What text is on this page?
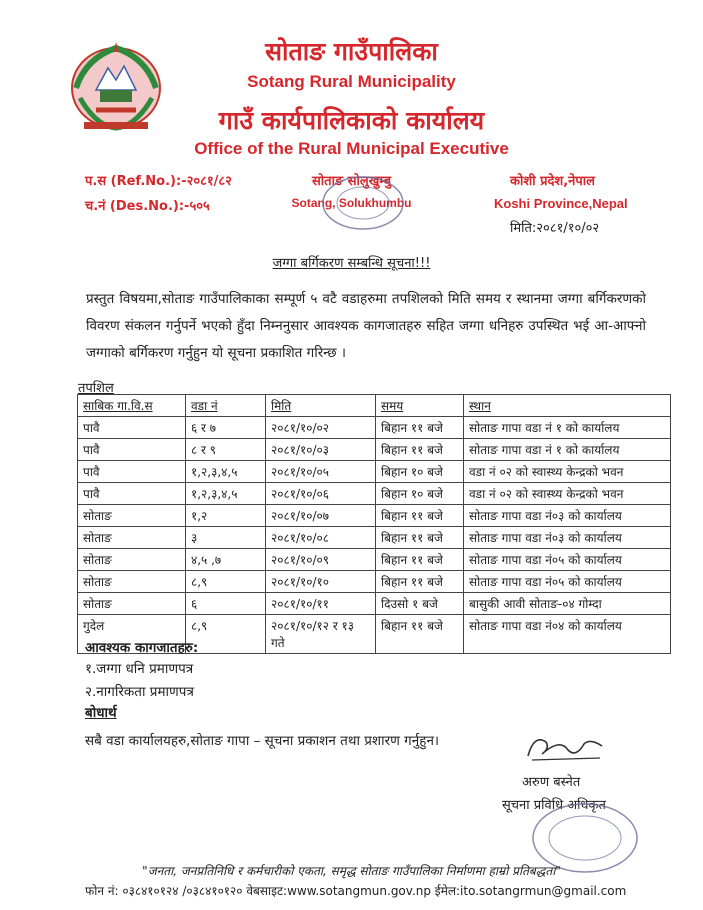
सोताङ गाउँपालिका
Sotang Rural Municipality
गाउँ कार्यपालिकाको कार्यालय
Office of the Rural Municipal Executive
प.स (Ref.No.):-२०८१/८२
च.नं (Des.No.):-५०५
सोताङ सोलुखुम्बु
Sotang, Solukhumbu
कोशी प्रदेश,नेपाल
Koshi Province,Nepal
मिति:२०८१/१०/०२
जग्गा बर्गिकरण सम्बन्धि सूचना!!!
प्रस्तुत विषयमा,सोताङ गाउँपालिकाका सम्पूर्ण ५ वटै वडाहरुमा तपशिलको मिति समय र स्थानमा जग्गा बर्गिकरणको विवरण संकलन गर्नुपर्ने भएको हुँदा निम्ननुसार आवश्यक कागजातहरु सहित जग्गा धनिहरु उपस्थित भई आ-आफ्नो जग्गाको बर्गिकरण गर्नुहुन यो सूचना प्रकाशित गरिन्छ ।
तपशिल
साबिक गा.वि.स	वडा नं	मिति	समय	स्थान
पावै	६ र ७	२०८१/१०/०२	बिहान ११ बजे	सोताङ गापा वडा नं १ को कार्यालय
पावै	८ र ९	२०८१/१०/०३	बिहान ११ बजे	सोताङ गापा वडा नं १ को कार्यालय
पावै	१,२,३,४,५	२०८१/१०/०५	बिहान १० बजे	वडा नं ०२ को स्वास्थ्य केन्द्रको भवन
पावै	१,२,३,४,५	२०८१/१०/०६	बिहान १० बजे	वडा नं ०२ को स्वास्थ्य केन्द्रको भवन
सोताङ	१,२	२०८१/१०/०७	बिहान ११ बजे	सोताङ गापा वडा नं०३ को कार्यालय
सोताङ	३	२०८१/१०/०८	बिहान ११ बजे	सोताङ गापा वडा नं०३ को कार्यालय
सोताङ	४,५ ,७	२०८१/१०/०९	बिहान ११ बजे	सोताङ गापा वडा नं०५ को कार्यालय
सोताङ	८,९	२०८१/१०/१०	बिहान ११ बजे	सोताङ गापा वडा नं०५ को कार्यालय
सोताङ	६	२०८१/१०/११	दिउसो १ बजे	बासुकी आवी सोताङ-०४ गोम्दा
गुदेल	८,९	२०८१/१०/१२ र १३ गते	बिहान ११ बजे	सोताङ गापा वडा नं०४ को कार्यालय
आवश्यक कागजातहरु:
१.जग्गा धनि प्रमाणपत्र
२.नागरिकता प्रमाणपत्र
बोधार्थ
सबै वडा कार्यालयहरु,सोताङ गापा – सूचना प्रकाशन तथा प्रशारण गर्नुहुन।
अरुण बस्नेत
सूचना प्रविधि अधिकृत
"जनता, जनप्रतिनिधि र कर्मचारीको एकता, समृद्ध सोताङ गाउँपालिका निर्माणमा हाम्रो प्रतिबद्धता"
फोन नं: ०३८४१०१२४ /०३८४१०१२० वेबसाइट:www.sotangmun.gov.np ईमेल:ito.sotangrmun@gmail.com
